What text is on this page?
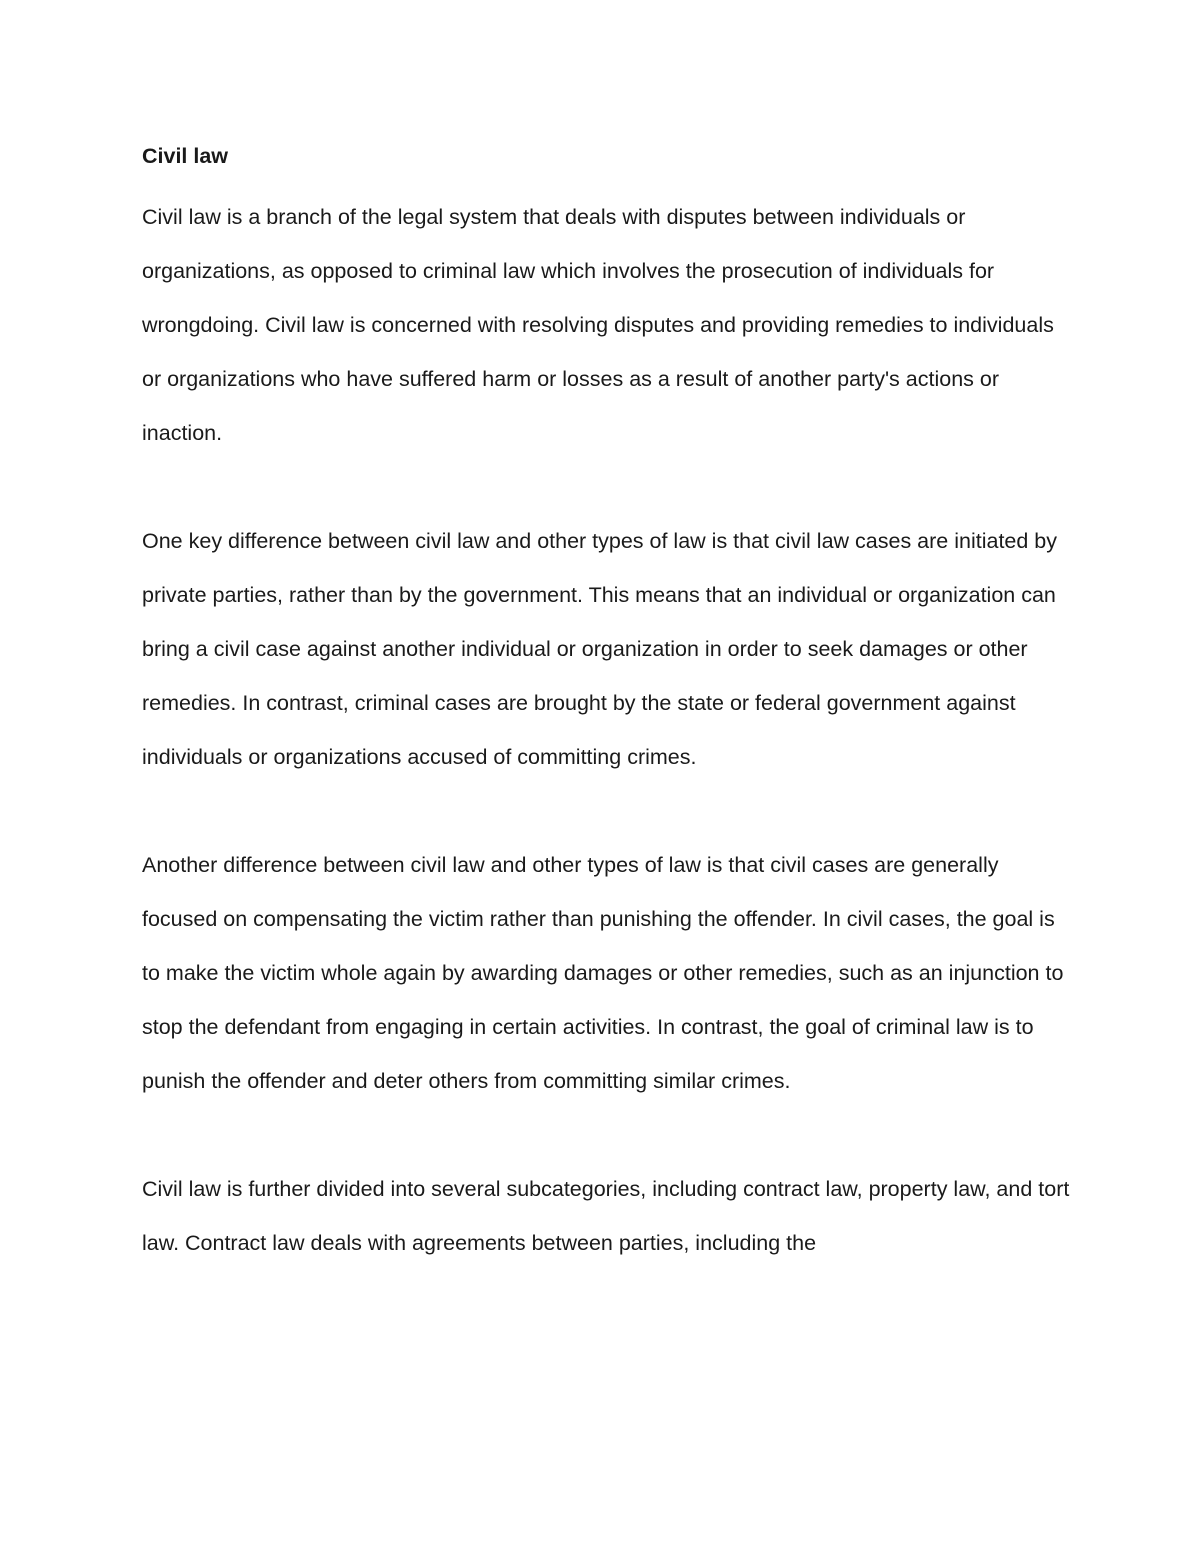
Civil law

Civil law is a branch of the legal system that deals with disputes between individuals or organizations, as opposed to criminal law which involves the prosecution of individuals for wrongdoing. Civil law is concerned with resolving disputes and providing remedies to individuals or organizations who have suffered harm or losses as a result of another party's actions or inaction.

One key difference between civil law and other types of law is that civil law cases are initiated by private parties, rather than by the government. This means that an individual or organization can bring a civil case against another individual or organization in order to seek damages or other remedies. In contrast, criminal cases are brought by the state or federal government against individuals or organizations accused of committing crimes.

Another difference between civil law and other types of law is that civil cases are generally focused on compensating the victim rather than punishing the offender. In civil cases, the goal is to make the victim whole again by awarding damages or other remedies, such as an injunction to stop the defendant from engaging in certain activities. In contrast, the goal of criminal law is to punish the offender and deter others from committing similar crimes.

Civil law is further divided into several subcategories, including contract law, property law, and tort law. Contract law deals with agreements between parties, including the
